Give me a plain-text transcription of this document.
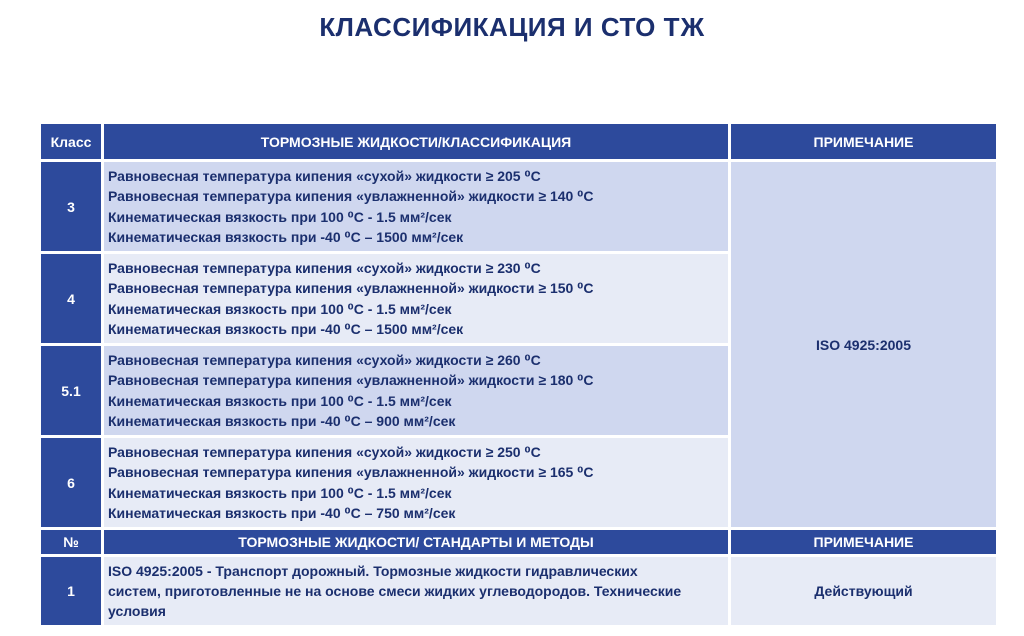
КЛАССИФИКАЦИЯ И СТО ТЖ
Класс	ТОРМОЗНЫЕ ЖИДКОСТИ/КЛАССИФИКАЦИЯ	ПРИМЕЧАНИЕ
3	Равновесная температура кипения «сухой» жидкости ≥ 205 ⁰С
Равновесная температура кипения «увлажненной» жидкости ≥ 140 ⁰С
Кинематическая вязкость при 100 ⁰С - 1.5 мм²/сек
Кинематическая вязкость при -40 ⁰С – 1500 мм²/сек	ISO 4925:2005
4	Равновесная температура кипения «сухой» жидкости ≥ 230 ⁰С
Равновесная температура кипения «увлажненной» жидкости ≥ 150 ⁰С
Кинематическая вязкость при 100 ⁰С - 1.5 мм²/сек
Кинематическая вязкость при -40 ⁰С – 1500 мм²/сек	

5.1	Равновесная температура кипения «сухой» жидкости ≥ 260 ⁰С
Равновесная температура кипения «увлажненной» жидкости ≥ 180 ⁰С
Кинематическая вязкость при 100 ⁰С - 1.5 мм²/сек
Кинематическая вязкость при -40 ⁰С – 900 мм²/сек	

6	Равновесная температура кипения «сухой» жидкости ≥ 250 ⁰С
Равновесная температура кипения «увлажненной» жидкости ≥ 165 ⁰С
Кинематическая вязкость при 100 ⁰С - 1.5 мм²/сек
Кинематическая вязкость при -40 ⁰С – 750 мм²/сек	

№	ТОРМОЗНЫЕ ЖИДКОСТИ/ СТАНДАРТЫ И МЕТОДЫ	ПРИМЕЧАНИЕ
1	ISO 4925:2005 - Транспорт дорожный. Тормозные жидкости гидравлических
систем, приготовленные не на основе смеси жидких углеводородов. Технические
условия	Действующий
